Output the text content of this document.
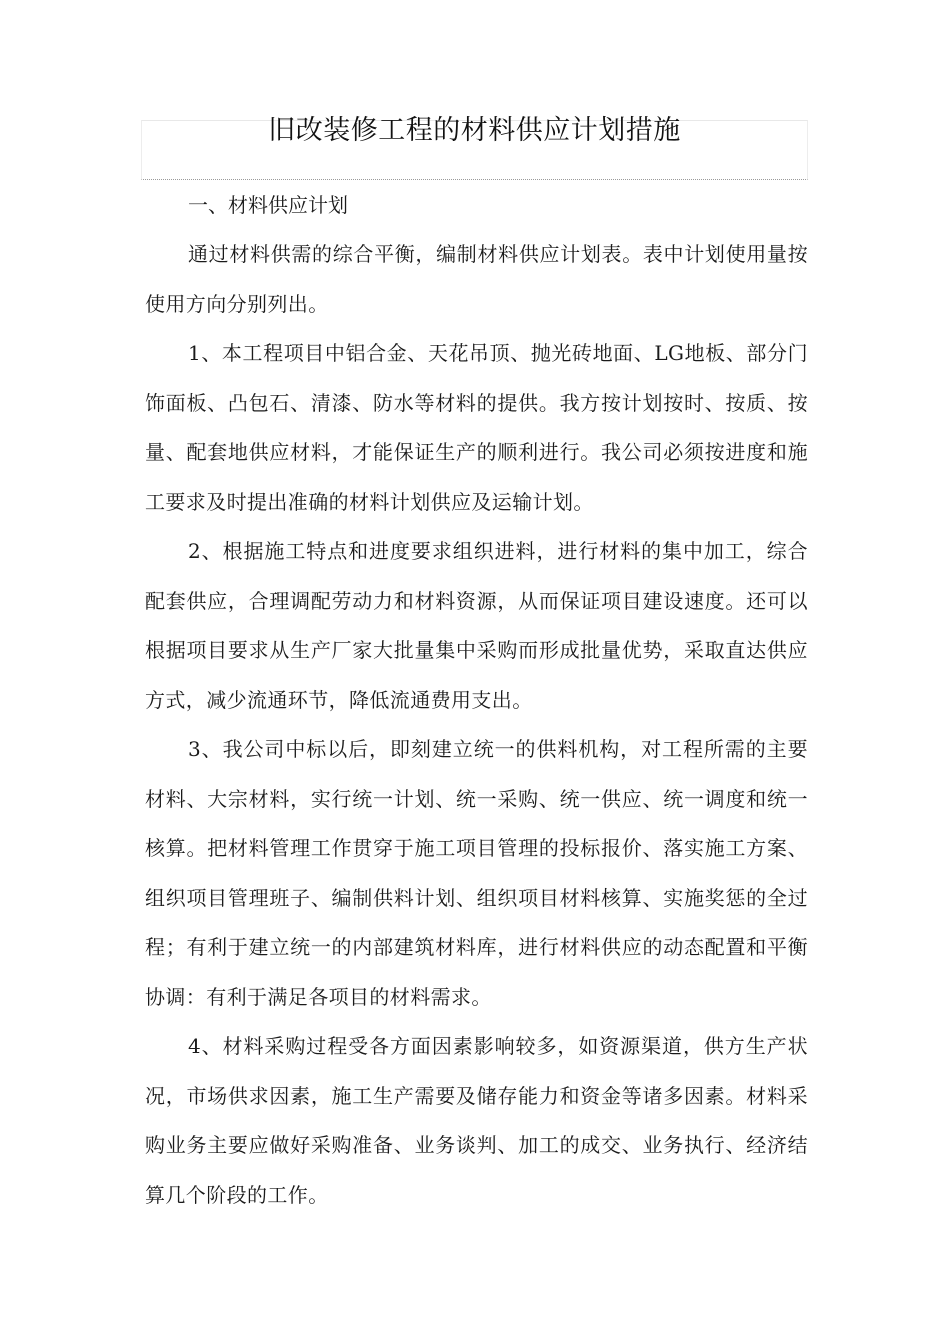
旧改装修工程的材料供应计划措施

一、材料供应计划

通过材料供需的综合平衡，编制材料供应计划表。表中计划使用量按使用方向分别列出。

1、本工程项目中铝合金、天花吊顶、抛光砖地面、LG地板、部分门饰面板、凸包石、清漆、防水等材料的提供。我方按计划按时、按质、按量、配套地供应材料，才能保证生产的顺利进行。我公司必须按进度和施工要求及时提出准确的材料计划供应及运输计划。

2、根据施工特点和进度要求组织进料，进行材料的集中加工，综合配套供应，合理调配劳动力和材料资源，从而保证项目建设速度。还可以根据项目要求从生产厂家大批量集中采购而形成批量优势，采取直达供应方式，减少流通环节，降低流通费用支出。

3、我公司中标以后，即刻建立统一的供料机构，对工程所需的主要材料、大宗材料，实行统一计划、统一采购、统一供应、统一调度和统一核算。把材料管理工作贯穿于施工项目管理的投标报价、落实施工方案、组织项目管理班子、编制供料计划、组织项目材料核算、实施奖惩的全过程；有利于建立统一的内部建筑材料库，进行材料供应的动态配置和平衡协调：有利于满足各项目的材料需求。

4、材料采购过程受各方面因素影响较多，如资源渠道，供方生产状况，市场供求因素，施工生产需要及储存能力和资金等诸多因素。材料采购业务主要应做好采购准备、业务谈判、加工的成交、业务执行、经济结算几个阶段的工作。
